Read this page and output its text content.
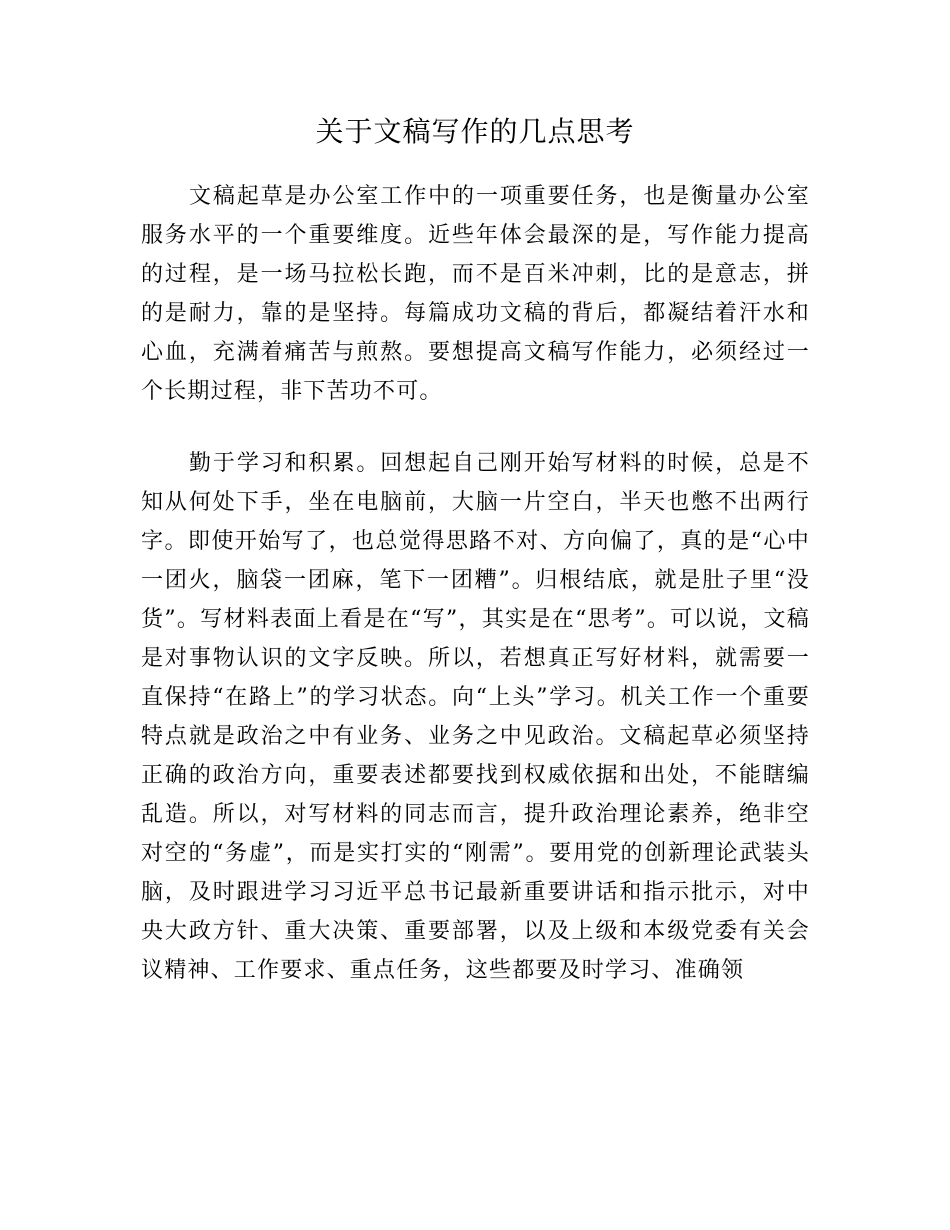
关于文稿写作的几点思考

文稿起草是办公室工作中的一项重要任务，也是衡量办公室服务水平的一个重要维度。近些年体会最深的是，写作能力提高的过程，是一场马拉松长跑，而不是百米冲刺，比的是意志，拼的是耐力，靠的是坚持。每篇成功文稿的背后，都凝结着汗水和心血，充满着痛苦与煎熬。要想提高文稿写作能力，必须经过一个长期过程，非下苦功不可。

勤于学习和积累。回想起自己刚开始写材料的时候，总是不知从何处下手，坐在电脑前，大脑一片空白，半天也憋不出两行字。即使开始写了，也总觉得思路不对、方向偏了，真的是“心中一团火，脑袋一团麻，笔下一团糟”。归根结底，就是肚子里“没货”。写材料表面上看是在“写”，其实是在“思考”。可以说，文稿是对事物认识的文字反映。所以，若想真正写好材料，就需要一直保持“在路上”的学习状态。向“上头”学习。机关工作一个重要特点就是政治之中有业务、业务之中见政治。文稿起草必须坚持正确的政治方向，重要表述都要找到权威依据和出处，不能瞎编乱造。所以，对写材料的同志而言，提升政治理论素养，绝非空对空的“务虚”，而是实打实的“刚需”。要用党的创新理论武装头脑，及时跟进学习习近平总书记最新重要讲话和指示批示，对中央大政方针、重大决策、重要部署，以及上级和本级党委有关会议精神、工作要求、重点任务，这些都要及时学习、准确领
